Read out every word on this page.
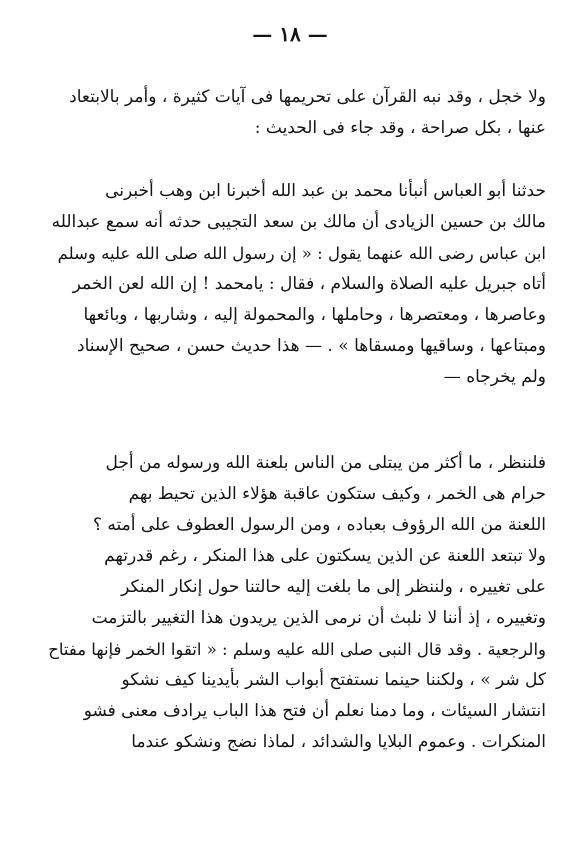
— ١٨ —
ولا خجل ، وقد نبه القرآن على تحريمها فى آيات كثيرة ، وأمر بالابتعاد
عنها ، بكل صراحة ، وقد جاء فى الحديث :
حدثنا أبو العباس أنبأنا محمد بن عبد الله أخبرنا ابن وهب أخبرنى
مالك بن حسين الزيادى أن مالك بن سعد التجيبى حدثه أنه سمع عبدالله
ابن عباس رضى الله عنهما يقول : « إن رسول الله صلى الله عليه وسلم
أتاه جبريل عليه الصلاة والسلام ، فقال : يامحمد ! إن الله لعن الخمر
وعاصرها ، ومعتصرها ، وحاملها ، والمحمولة إليه ، وشاربها ، وبائعها
ومبتاعها ، وساقيها ومسقاها » . — هذا حديث حسن ، صحيح الإسناد
ولم يخرجاه —
فلننظر ، ما أكثر من يبتلى من الناس بلعنة الله ورسوله من أجل
حرام هى الخمر ، وكيف ستكون عاقبة هؤلاء الذين تحيط بهم
اللعنة من الله الرؤوف بعباده ، ومن الرسول العطوف على أمته ؟
ولا تبتعد اللعنة عن الذين يسكتون على هذا المنكر ، رغم قدرتهم
على تغييره ، ولننظر إلى ما بلغت إليه حالتنا حول إنكار المنكر
وتغييره ، إذ أننا لا نلبث أن نرمى الذين يريدون هذا التغيير بالتزمت
والرجعية . وقد قال النبى صلى الله عليه وسلم : « اتقوا الخمر فإنها مفتاح
كل شر » ، ولكننا حينما نستفتح أبواب الشر بأيدينا كيف نشكو
انتشار السيئات ، وما دمنا نعلم أن فتح هذا الباب يرادف معنى فشو
المنكرات . وعموم البلايا والشدائد ، لماذا نضج ونشكو عندما
